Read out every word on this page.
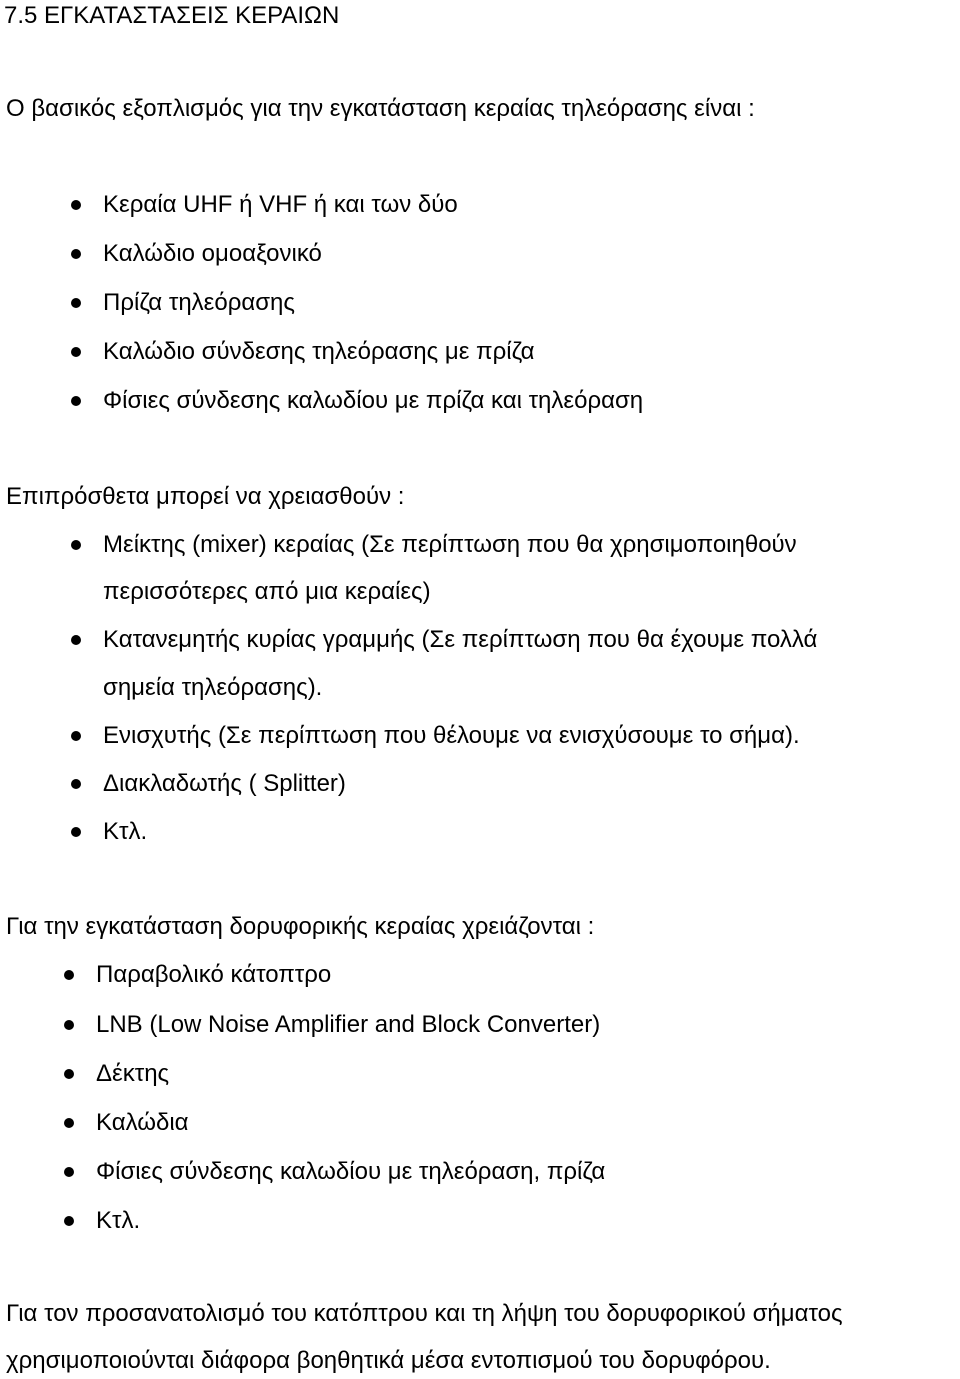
7.5 ΕΓΚΑΤΑΣΤΑΣΕΙΣ ΚΕΡΑΙΩΝ
Ο βασικός εξοπλισμός για την εγκατάσταση κεραίας τηλεόρασης είναι :
Κεραία UHF ή VHF ή και των δύο
Καλώδιο ομοαξονικό
Πρίζα τηλεόρασης
Καλώδιο σύνδεσης τηλεόρασης με πρίζα
Φίσιες σύνδεσης καλωδίου με πρίζα και τηλεόραση
Επιπρόσθετα μπορεί να χρειασθούν :
Μείκτης (mixer) κεραίας (Σε περίπτωση που θα χρησιμοποιηθούν
περισσότερες από μια κεραίες)
Κατανεμητής κυρίας γραμμής (Σε περίπτωση που θα έχουμε πολλά
σημεία τηλεόρασης).
Ενισχυτής (Σε περίπτωση που θέλουμε να ενισχύσουμε το σήμα).
Διακλαδωτής ( Splitter)
Κτλ.
Για την εγκατάσταση δορυφορικής κεραίας χρειάζονται :
Παραβολικό κάτοπτρο
LNB (Low Noise Amplifier and Block Converter)
Δέκτης
Καλώδια
Φίσιες σύνδεσης καλωδίου με τηλεόραση, πρίζα
Κτλ.
Για τον προσανατολισμό του κατόπτρου και τη λήψη του δορυφορικού σήματος
χρησιμοποιούνται διάφορα βοηθητικά μέσα εντοπισμού του δορυφόρου.
